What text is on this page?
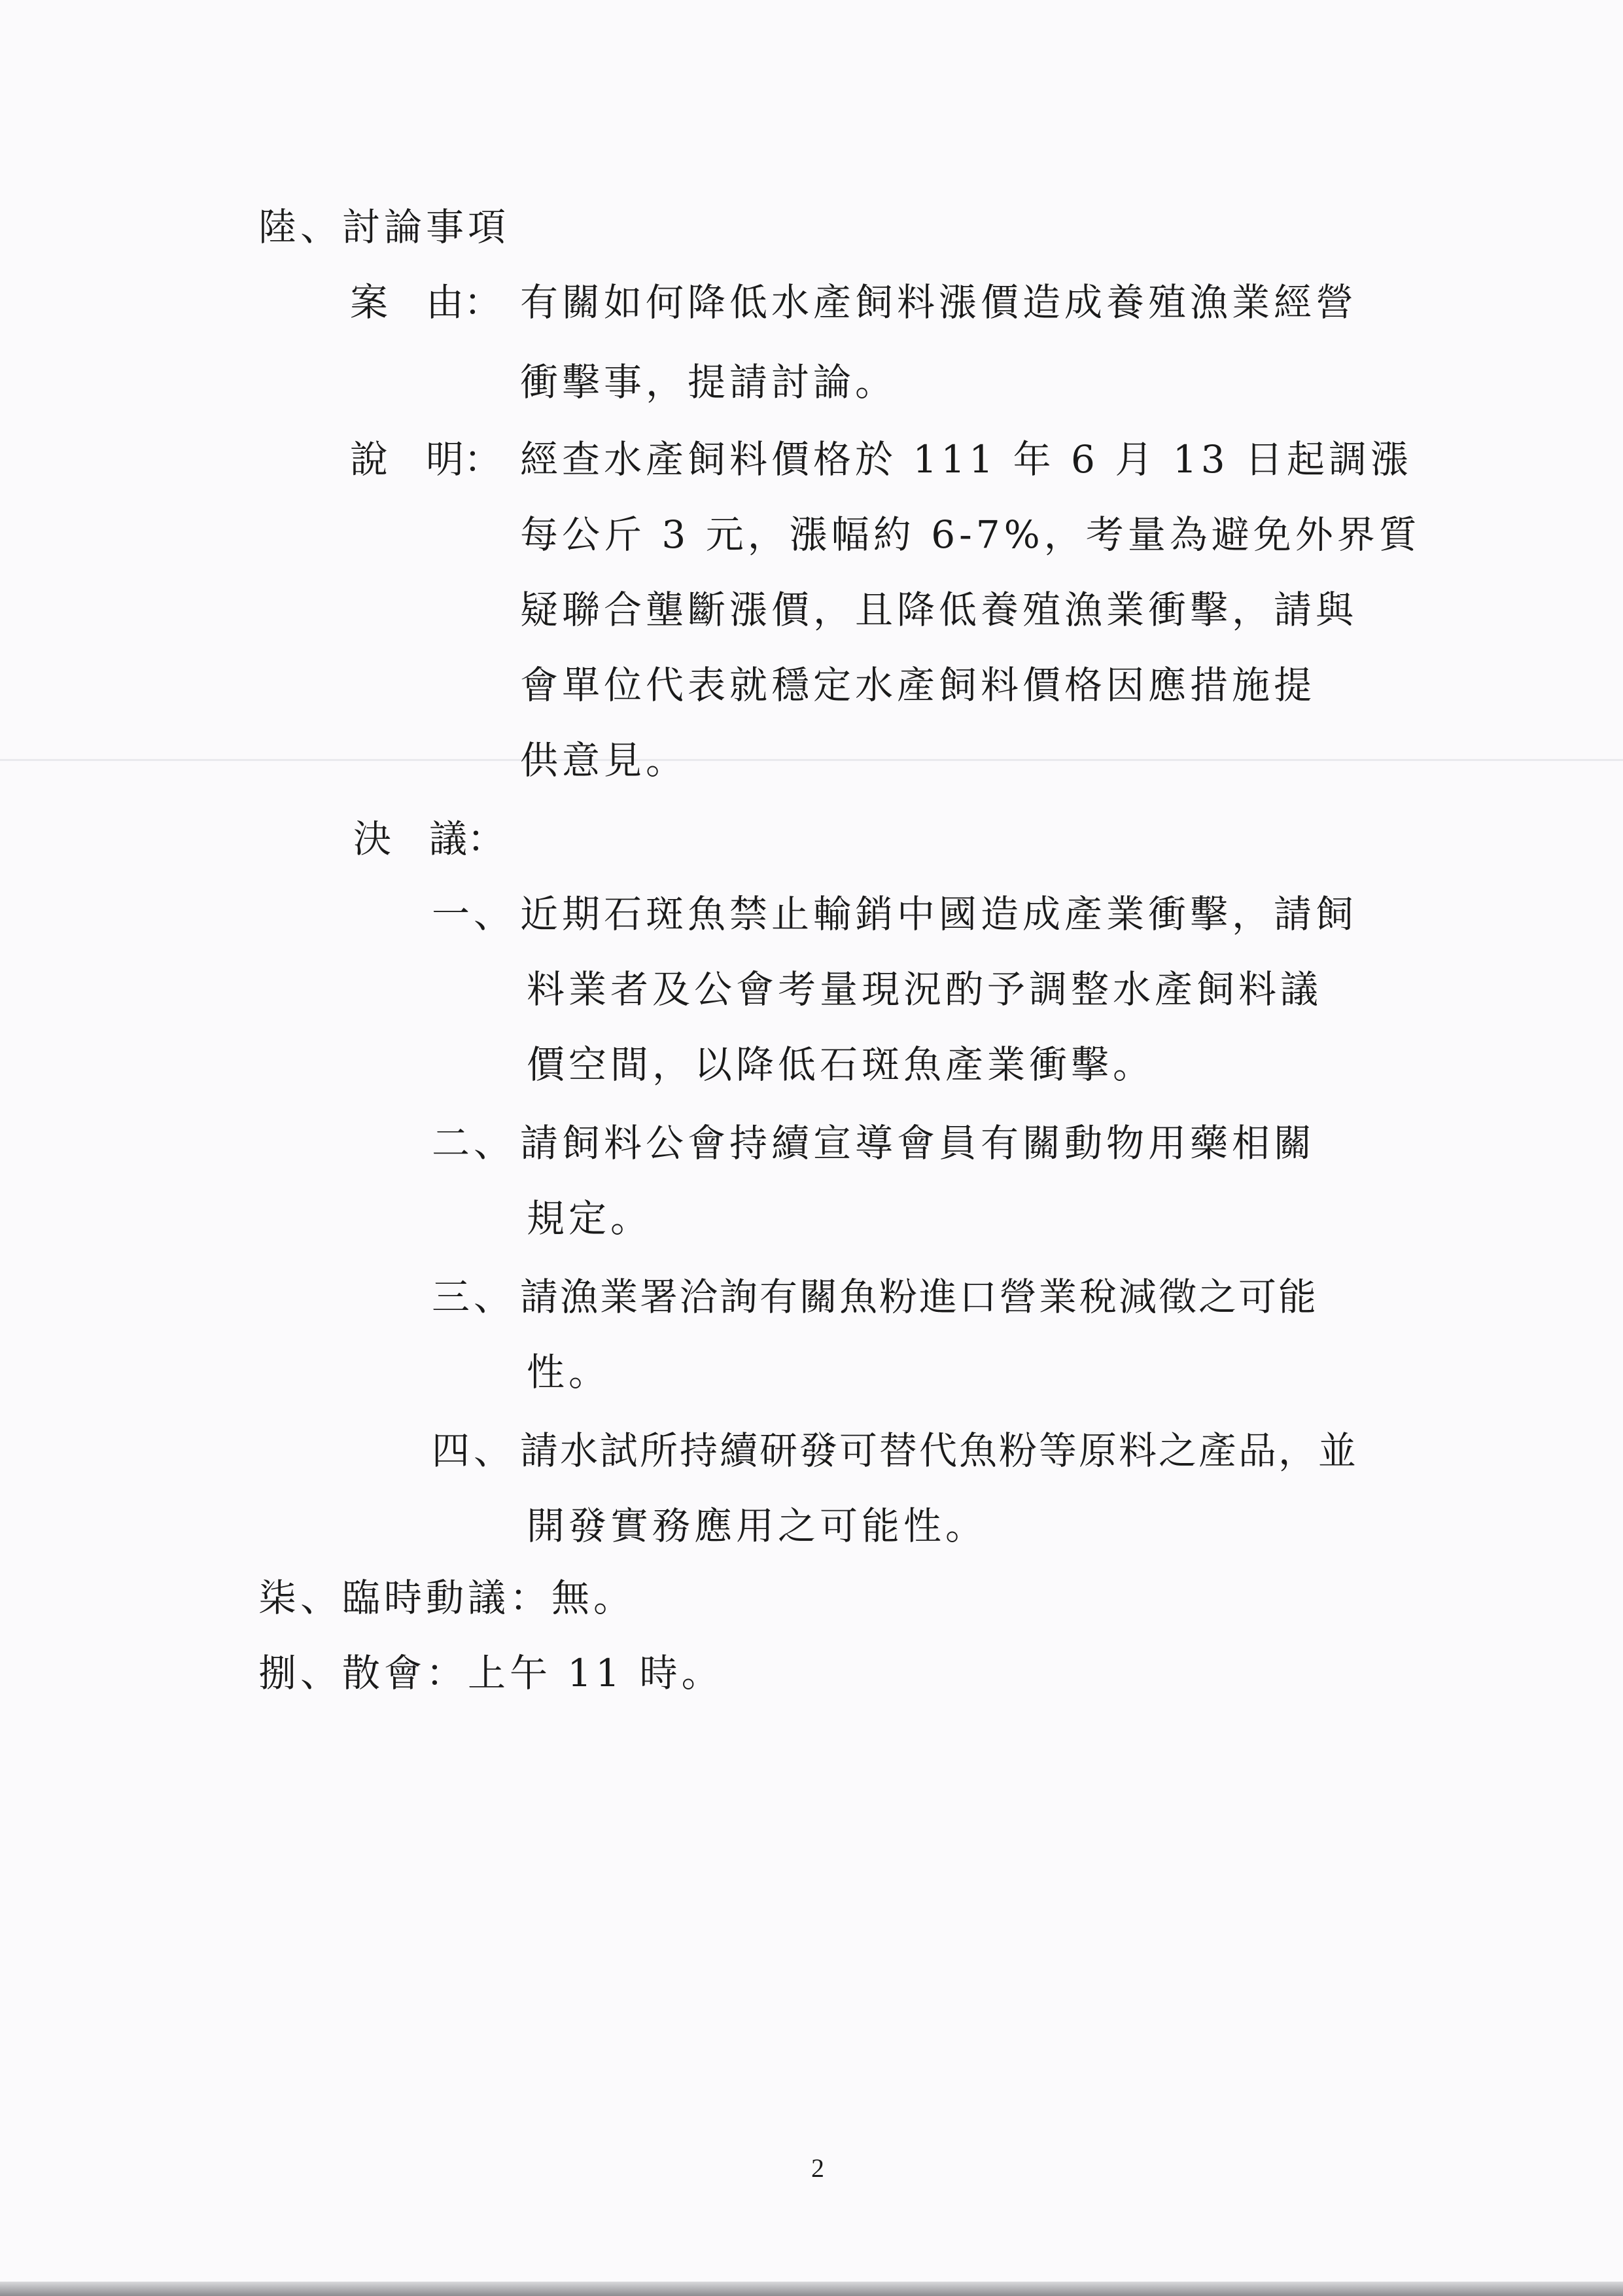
陸、討論事項
案　由： 有關如何降低水產飼料漲價造成養殖漁業經營
衝擊事，提請討論。
說　明： 經查水產飼料價格於 111 年 6 月 13 日起調漲
每公斤 3 元，漲幅約 6-7%，考量為避免外界質
疑聯合壟斷漲價，且降低養殖漁業衝擊，請與
會單位代表就穩定水產飼料價格因應措施提
供意見。
決　議：
一、 近期石斑魚禁止輸銷中國造成產業衝擊，請飼
料業者及公會考量現況酌予調整水產飼料議
價空間，以降低石斑魚產業衝擊。
二、 請飼料公會持續宣導會員有關動物用藥相關
規定。
三、 請漁業署洽詢有關魚粉進口營業稅減徵之可能
性。
四、 請水試所持續研發可替代魚粉等原料之產品，並
開發實務應用之可能性。
柒、臨時動議：無。
捌、散會：上午 11 時。
2
